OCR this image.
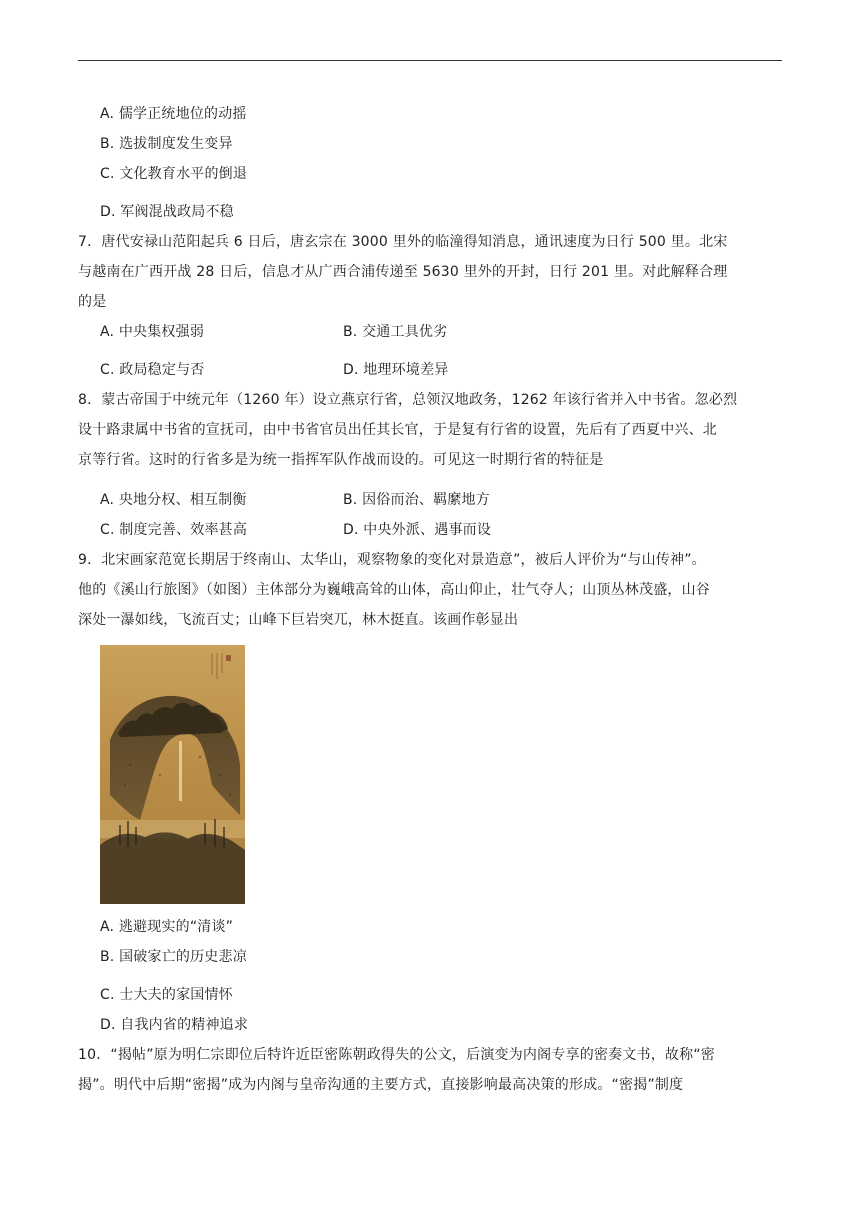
A. 儒学正统地位的动摇
B. 选拔制度发生变异
C. 文化教育水平的倒退
D. 军阀混战政局不稳
7．唐代安禄山范阳起兵 6 日后，唐玄宗在 3000 里外的临潼得知消息，通讯速度为日行 500 里。北宋
与越南在广西开战 28 日后，信息才从广西合浦传递至 5630 里外的开封，日行 201 里。对此解释合理
的是
A. 中央集权强弱	B. 交通工具优劣
C. 政局稳定与否	D. 地理环境差异
8．蒙古帝国于中统元年（1260 年）设立燕京行省，总领汉地政务，1262 年该行省并入中书省。忽必烈
设十路隶属中书省的宣抚司，由中书省官员出任其长官，于是复有行省的设置，先后有了西夏中兴、北
京等行省。这时的行省多是为统一指挥军队作战而设的。可见这一时期行省的特征是
A. 央地分权、相互制衡	B. 因俗而治、羁縻地方
C. 制度完善、效率甚高	D. 中央外派、遇事而设
9．北宋画家范宽长期居于终南山、太华山，观察物象的变化对景造意”，被后人评价为“与山传神”。
他的《溪山行旅图》（如图）主体部分为巍峨高耸的山体，高山仰止，壮气夺人；山顶丛林茂盛，山谷
深处一瀑如线，飞流百丈；山峰下巨岩突兀，林木挺直。该画作彰显出
A. 逃避现实的“清谈”
B. 国破家亡的历史悲凉
C. 士大夫的家国情怀
D. 自我内省的精神追求
10．“揭帖”原为明仁宗即位后特许近臣密陈朝政得失的公文，后演变为内阁专享的密奏文书，故称“密
揭”。明代中后期“密揭”成为内阁与皇帝沟通的主要方式，直接影响最高决策的形成。“密揭”制度
